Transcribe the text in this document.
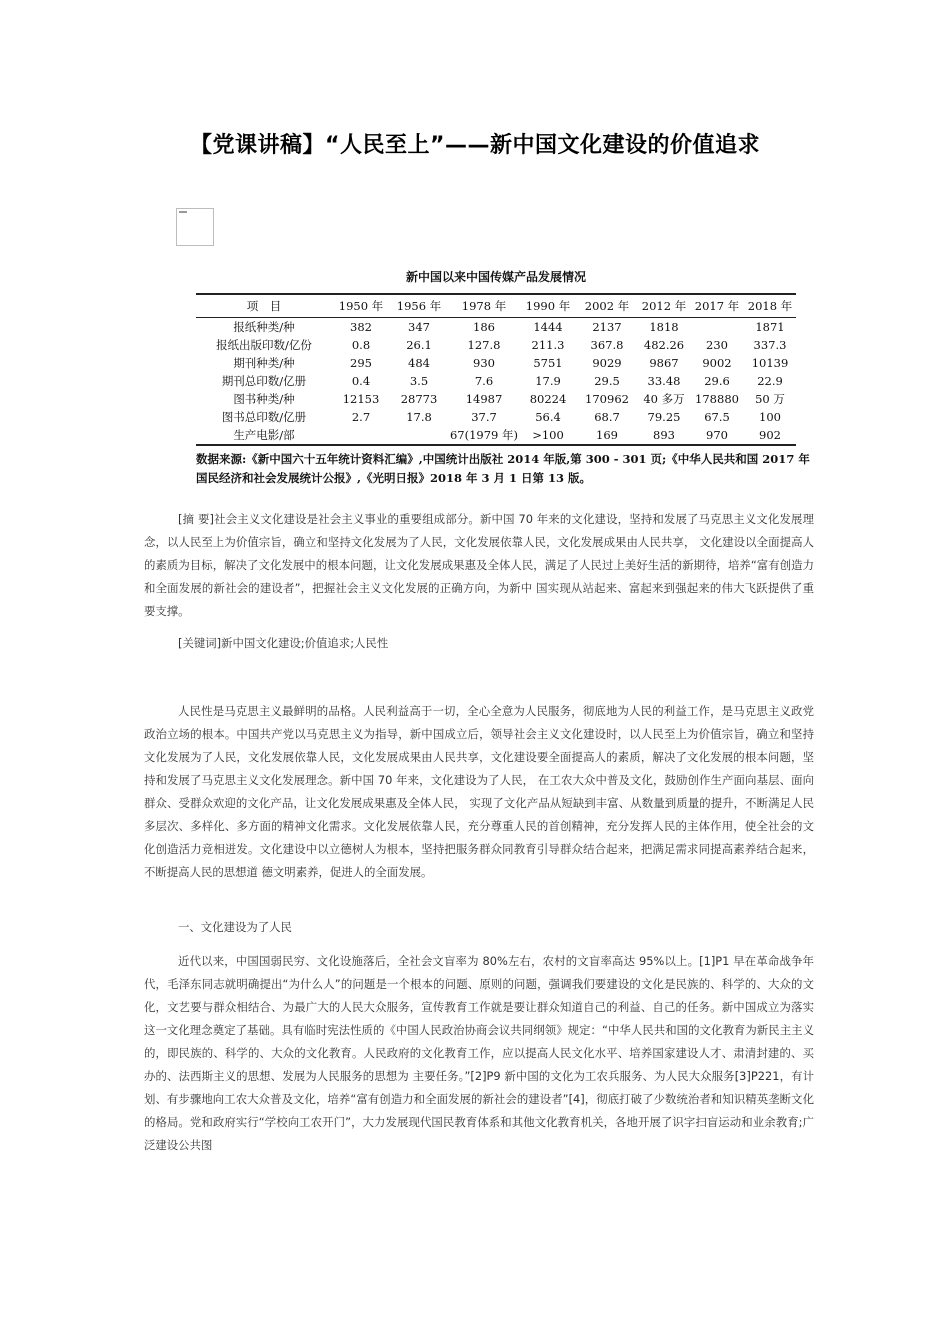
【党课讲稿】“人民至上”——新中国文化建设的价值追求
新中国以来中国传媒产品发展情况
项　目	1950 年	1956 年	1978 年	1990 年	2002 年	2012 年	2017 年	2018 年
报纸种类/种	382	347	186	1444	2137	1818		1871
报纸出版印数/亿份	0.8	26.1	127.8	211.3	367.8	482.26	230	337.3
期刊种类/种	295	484	930	5751	9029	9867	9002	10139
期刊总印数/亿册	0.4	3.5	7.6	17.9	29.5	33.48	29.6	22.9
图书种类/种	12153	28773	14987	80224	170962	40 多万	178880	50 万
图书总印数/亿册	2.7	17.8	37.7	56.4	68.7	79.25	67.5	100
生产电影/部			67(1979 年)	>100	169	893	970	902
数据来源:《新中国六十五年统计资料汇编》,中国统计出版社 2014 年版,第 300 - 301 页;《中华人民共和国 2017 年国民经济和社会发展统计公报》,《光明日报》2018 年 3 月 1 日第 13 版。

[摘 要]社会主义文化建设是社会主义事业的重要组成部分。新中国 70 年来的文化建设，坚持和发展了马克思主义文化发展理念，以人民至上为价值宗旨，确立和坚持文化发展为了人民，文化发展依靠人民，文化发展成果由人民共享， 文化建设以全面提高人的素质为目标，解决了文化发展中的根本问题，让文化发展成果惠及全体人民，满足了人民过上美好生活的新期待，培养“富有创造力和全面发展的新社会的建设者”，把握社会主义文化发展的正确方向，为新中 国实现从站起来、富起来到强起来的伟大飞跃提供了重要支撑。

[关键词]新中国文化建设;价值追求;人民性

人民性是马克思主义最鲜明的品格。人民利益高于一切，全心全意为人民服务，彻底地为人民的利益工作，是马克思主义政党政治立场的根本。中国共产党以马克思主义为指导，新中国成立后，领导社会主义文化建设时，以人民至上为价值宗旨，确立和坚持文化发展为了人民，文化发展依靠人民，文化发展成果由人民共享，文化建设要全面提高人的素质，解决了文化发展的根本问题，坚持和发展了马克思主义文化发展理念。新中国 70 年来，文化建设为了人民， 在工农大众中普及文化，鼓励创作生产面向基层、面向群众、受群众欢迎的文化产品，让文化发展成果惠及全体人民， 实现了文化产品从短缺到丰富、从数量到质量的提升，不断满足人民多层次、多样化、多方面的精神文化需求。文化发展依靠人民，充分尊重人民的首创精神，充分发挥人民的主体作用，使全社会的文化创造活力竞相迸发。文化建设中以立德树人为根本，坚持把服务群众同教育引导群众结合起来，把满足需求同提高素养结合起来，不断提高人民的思想道 德文明素养，促进人的全面发展。

一、文化建设为了人民

近代以来，中国国弱民穷、文化设施落后，全社会文盲率为 80%左右，农村的文盲率高达 95%以上。[1]P1 早在革命战争年代，毛泽东同志就明确提出“为什么人”的问题是一个根本的问题、原则的问题，强调我们要建设的文化是民族的、科学的、大众的文化，文艺要与群众相结合、为最广大的人民大众服务，宣传教育工作就是要让群众知道自己的利益、自己的任务。新中国成立为落实这一文化理念奠定了基础。具有临时宪法性质的《中国人民政治协商会议共同纲领》规定：“中华人民共和国的文化教育为新民主主义的，即民族的、科学的、大众的文化教育。人民政府的文化教育工作，应以提高人民文化水平、培养国家建设人才、肃清封建的、买办的、法西斯主义的思想、发展为人民服务的思想为 主要任务。”[2]P9 新中国的文化为工农兵服务、为人民大众服务[3]P221，有计划、有步骤地向工农大众普及文化，培养“富有创造力和全面发展的新社会的建设者”[4]，彻底打破了少数统治者和知识精英垄断文化的格局。党和政府实行“学校向工农开门”，大力发展现代国民教育体系和其他文化教育机关，各地开展了识字扫盲运动和业余教育;广泛建设公共图
